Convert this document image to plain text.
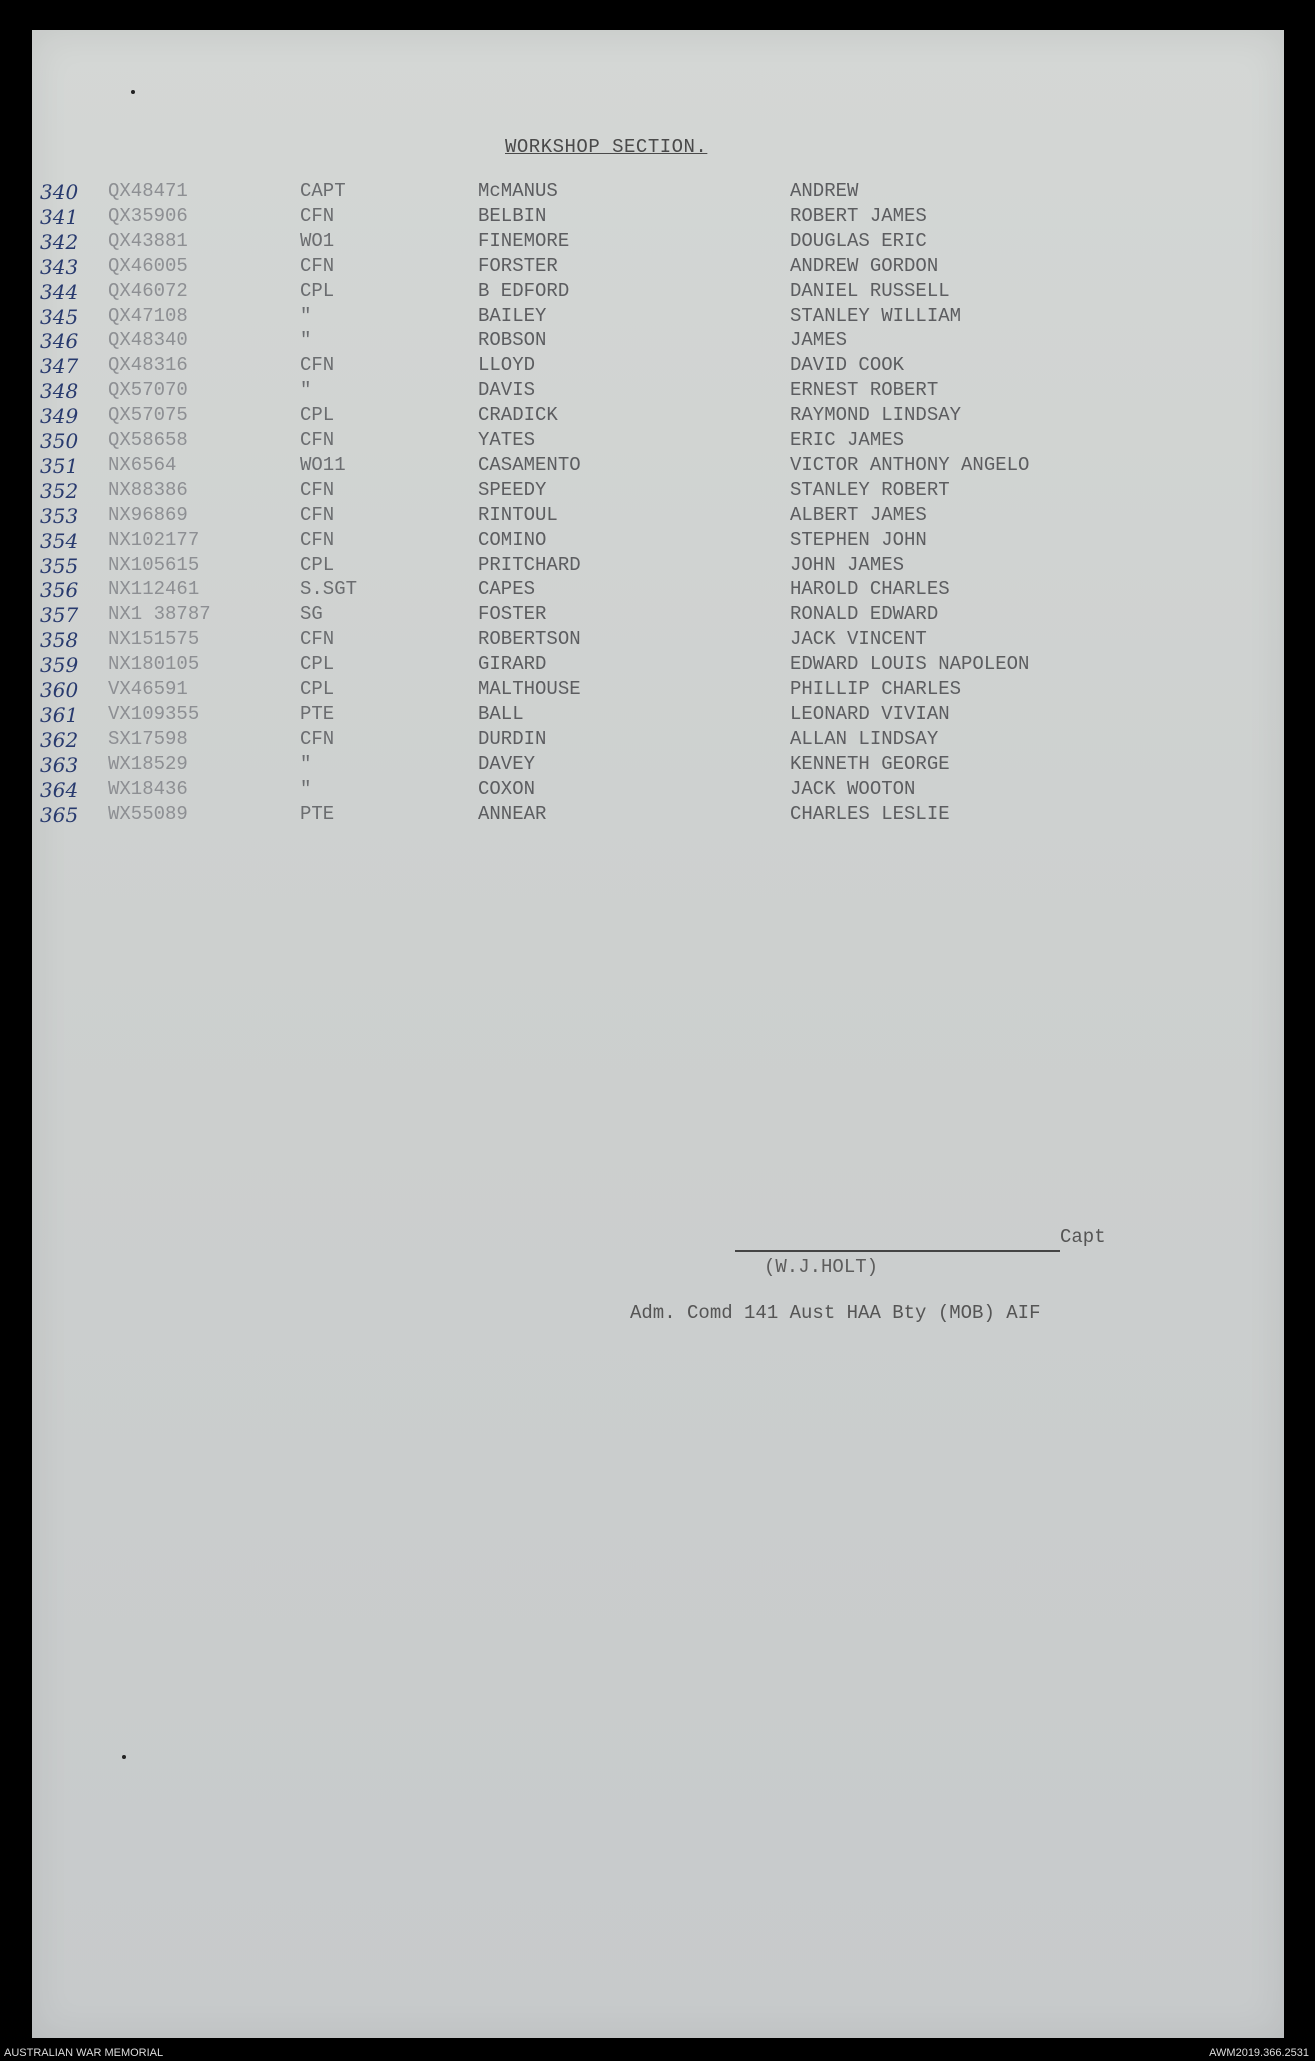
WORKSHOP SECTION.
340 QX48471	CAPT	McMANUS	ANDREW
341 QX35906	CFN	BELBIN	ROBERT JAMES
342 QX43881	WO1	FINEMORE	DOUGLAS ERIC
343 QX46005	CFN	FORSTER	ANDREW GORDON
344 QX46072	CPL	B EDFORD	DANIEL RUSSELL
345 QX47108	"	BAILEY	STANLEY WILLIAM
346 QX48340	"	ROBSON	JAMES
347 QX48316	CFN	LLOYD	DAVID COOK
348 QX57070	"	DAVIS	ERNEST ROBERT
349 QX57075	CPL	CRADICK	RAYMOND LINDSAY
350 QX58658	CFN	YATES	ERIC JAMES
351 NX6564	WO11	CASAMENTO	VICTOR ANTHONY ANGELO
352 NX88386	CFN	SPEEDY	STANLEY ROBERT
353 NX96869	CFN	RINTOUL	ALBERT JAMES
354 NX102177	CFN	COMINO	STEPHEN JOHN
355 NX105615	CPL	PRITCHARD	JOHN JAMES
356 NX112461	S.SGT	CAPES	HAROLD CHARLES
357 NX1 38787	SG	FOSTER	RONALD EDWARD
358 NX151575	CFN	ROBERTSON	JACK VINCENT
359 NX180105	CPL	GIRARD	EDWARD LOUIS NAPOLEON
360 VX46591	CPL	MALTHOUSE	PHILLIP CHARLES
361 VX109355	PTE	BALL	LEONARD VIVIAN
362 SX17598	CFN	DURDIN	ALLAN LINDSAY
363 WX18529	"	DAVEY	KENNETH GEORGE
364 WX18436	"	COXON	JACK WOOTON
365 WX55089	PTE	ANNEAR	CHARLES LESLIE
Capt
(W.J.HOLT)
Adm. Comd 141 Aust HAA Bty (MOB) AIF
AUSTRALIAN WAR MEMORIAL	AWM2019.366.2531
